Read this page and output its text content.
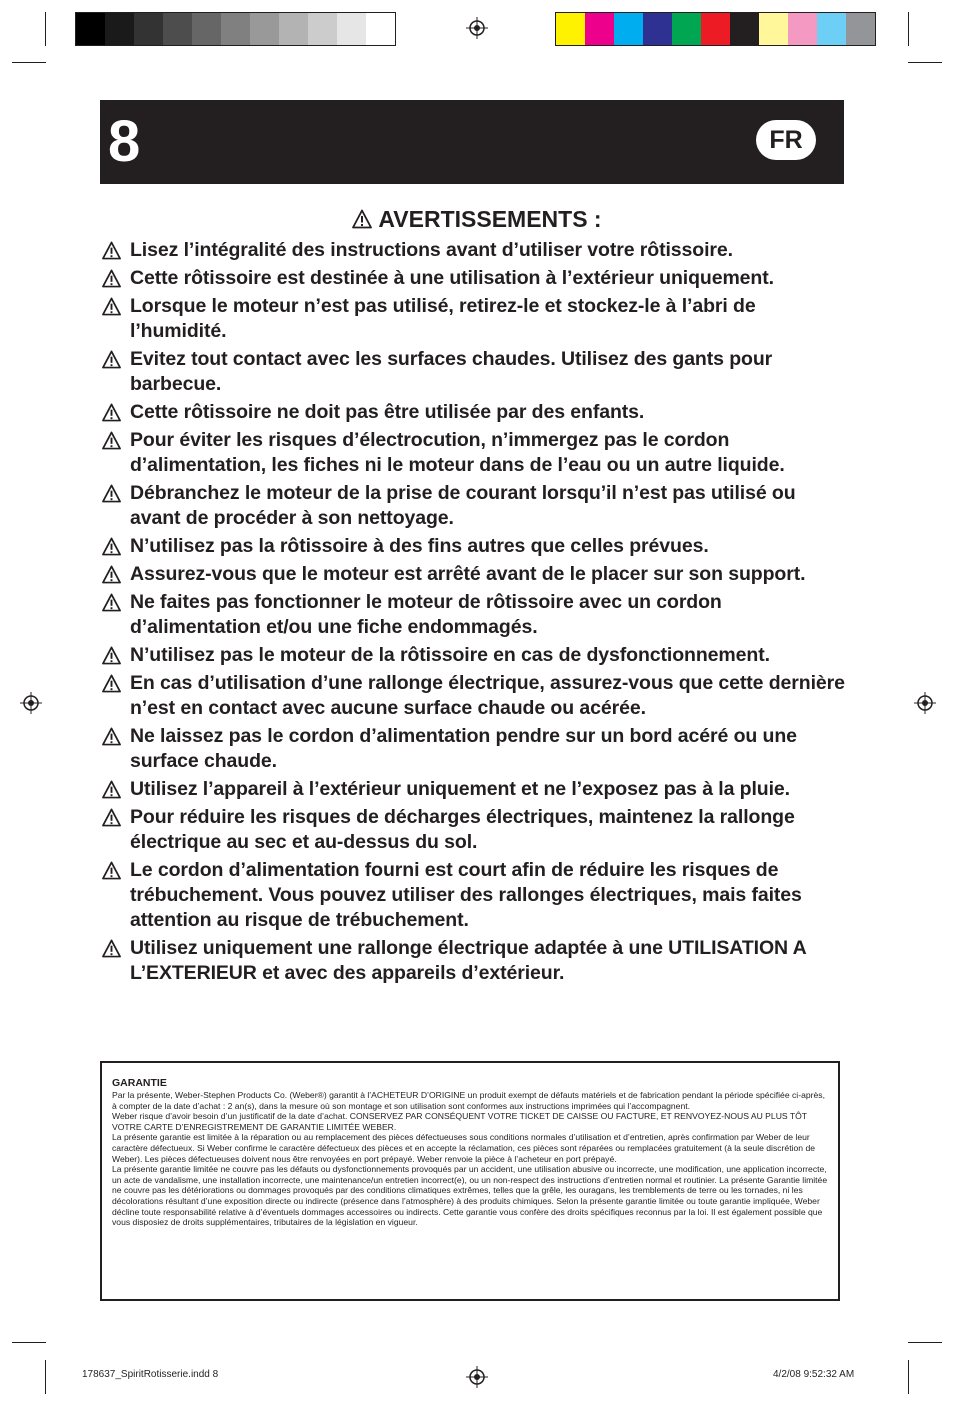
8	FR
AVERTISSEMENTS :
Lisez l’intégralité des instructions avant d’utiliser votre rôtissoire.
Cette rôtissoire est destinée à une utilisation à l’extérieur uniquement.
Lorsque le moteur n’est pas utilisé, retirez-le et stockez-le à l’abri de l’humidité.
Evitez tout contact avec les surfaces chaudes. Utilisez des gants pour barbecue.
Cette rôtissoire ne doit pas être utilisée par des enfants.
Pour éviter les risques d’électrocution, n’immergez pas le cordon d’alimentation, les fiches ni le moteur dans de l’eau ou un autre liquide.
Débranchez le moteur de la prise de courant lorsqu’il n’est pas utilisé ou avant de procéder à son nettoyage.
N’utilisez pas la rôtissoire à des fins autres que celles prévues.
Assurez-vous que le moteur est arrêté avant de le placer sur son support.
Ne faites pas fonctionner le moteur de rôtissoire avec un cordon d’alimentation et/ou une fiche endommagés.
N’utilisez pas le moteur de la rôtissoire en cas de dysfonctionnement.
En cas d’utilisation d’une rallonge électrique, assurez-vous que cette dernière n’est en contact avec aucune surface chaude ou acérée.
Ne laissez pas le cordon d’alimentation pendre sur un bord acéré ou une surface chaude.
Utilisez l’appareil à l’extérieur uniquement et ne l’exposez pas à la pluie.
Pour réduire les risques de décharges électriques, maintenez la rallonge électrique au sec et au-dessus du sol.
Le cordon d’alimentation fourni est court afin de réduire les risques de trébuchement. Vous pouvez utiliser des rallonges électriques, mais faites attention au risque de trébuchement.
Utilisez uniquement une rallonge électrique adaptée à une UTILISATION A L’EXTERIEUR et avec des appareils d’extérieur.
GARANTIE

Par la présente, Weber-Stephen Products Co. (Weber®) garantit à l’ACHETEUR D’ORIGINE un produit exempt de défauts matériels et de fabrication pendant la période spécifiée ci-après, à compter de la date d’achat : 2 an(s), dans la mesure où son montage et son utilisation sont conformes aux instructions imprimées qui l’accompagnent.

Weber risque d’avoir besoin d’un justificatif de la date d’achat. CONSERVEZ PAR CONSÉQUENT VOTRE TICKET DE CAISSE OU FACTURE, ET RENVOYEZ-NOUS AU PLUS TÔT VOTRE CARTE D’ENREGISTREMENT DE GARANTIE LIMITÉE WEBER.

La présente garantie est limitée à la réparation ou au remplacement des pièces défectueuses sous conditions normales d’utilisation et d’entretien, après confirmation par Weber de leur caractère défectueux. Si Weber confirme le caractère défectueux des pièces et en accepte la réclamation, ces pièces sont réparées ou remplacées gratuitement (à la seule discrétion de Weber). Les pièces défectueuses doivent nous être renvoyées en port prépayé. Weber renvoie la pièce à l’acheteur en port prépayé.

La présente garantie limitée ne couvre pas les défauts ou dysfonctionnements provoqués par un accident, une utilisation abusive ou incorrecte, une modification, une application incorrecte, un acte de vandalisme, une installation incorrecte, une maintenance/un entretien incorrect(e), ou un non-respect des instructions d’entretien normal et routinier. La présente Garantie limitée ne couvre pas les détériorations ou dommages provoqués par des conditions climatiques extrêmes, telles que la grêle, les ouragans, les tremblements de terre ou les tornades, ni les décolorations résultant d’une exposition directe ou indirecte (présence dans l’atmosphère) à des produits chimiques. Selon la présente garantie limitée ou toute garantie impliquée, Weber décline toute responsabilité relative à d’éventuels dommages accessoires ou indirects. Cette garantie vous confère des droits spécifiques reconnus par la loi. Il est également possible que vous disposiez de droits supplémentaires, tributaires de la législation en vigueur.

178637_SpiritRotisserie.indd 8	4/2/08 9:52:32 AM
